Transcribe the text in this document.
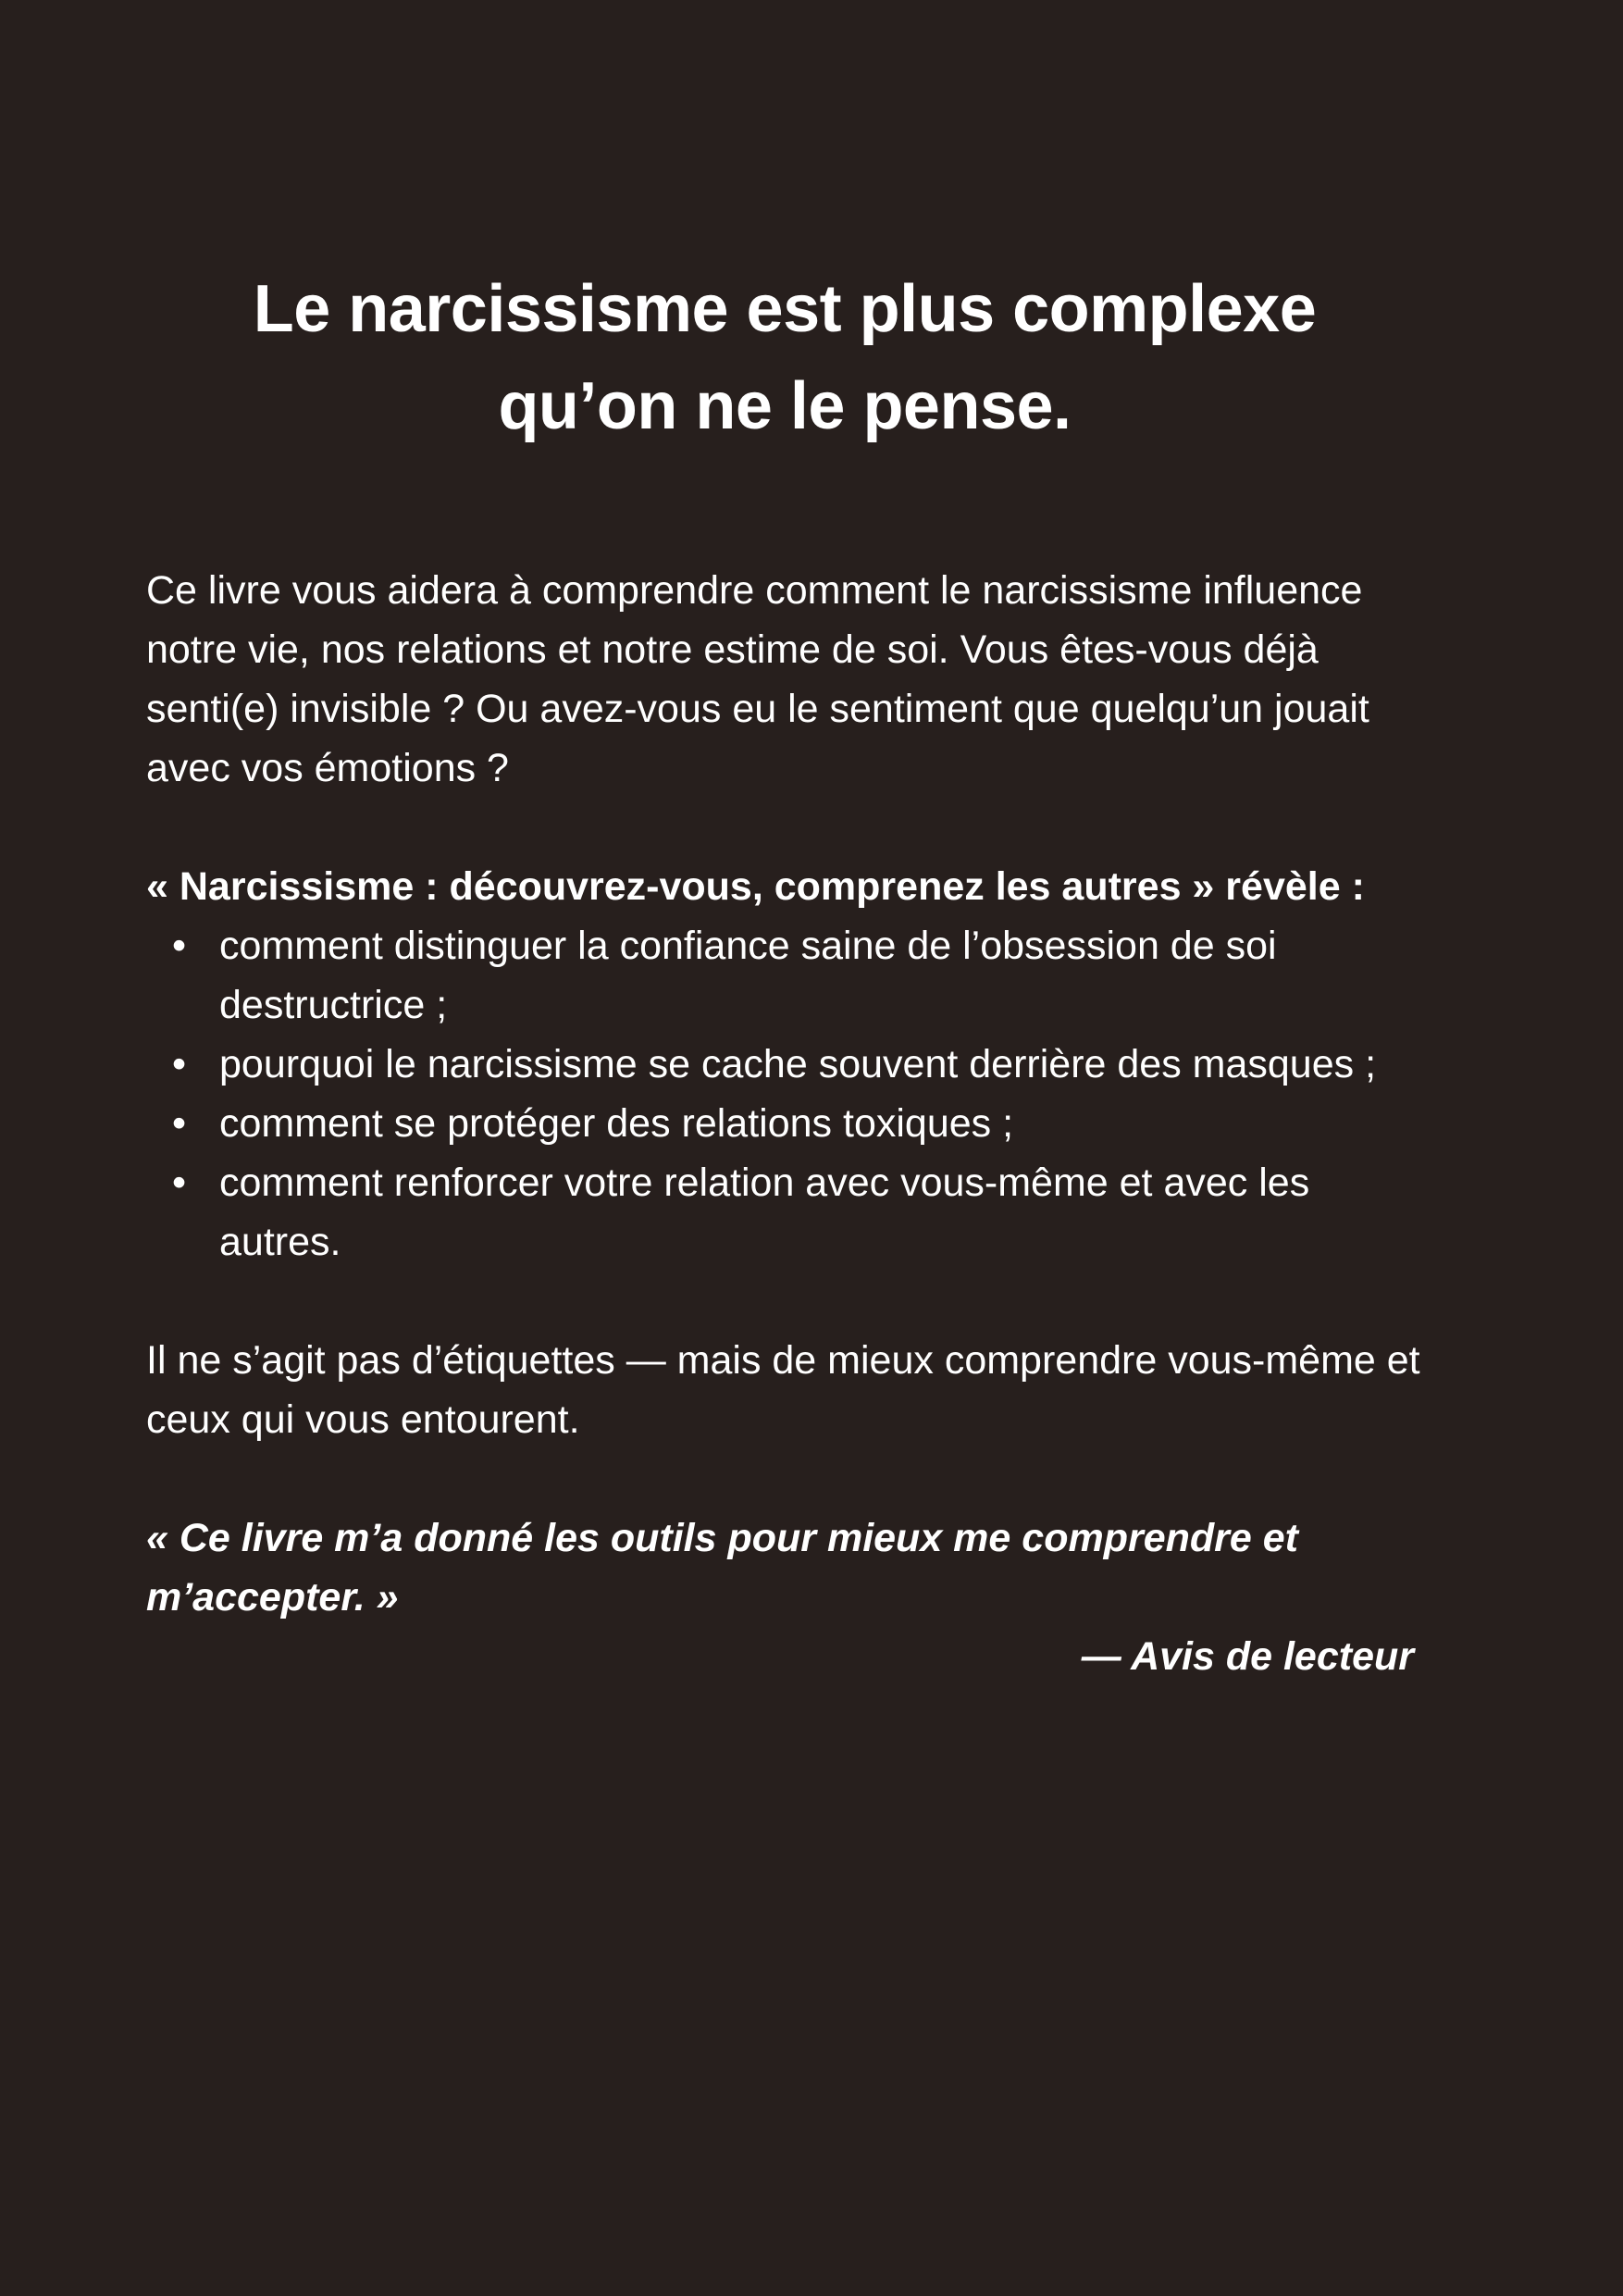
Le narcissisme est plus complexe
qu’on ne le pense.

Ce livre vous aidera à comprendre comment le narcissisme influence notre vie, nos relations et notre estime de soi. Vous êtes-vous déjà senti(e) invisible ? Ou avez-vous eu le sentiment que quelqu’un jouait avec vos émotions ?

« Narcissisme : découvrez-vous, comprenez les autres » révèle :

• comment distinguer la confiance saine de l’obsession de soi destructrice ;
• pourquoi le narcissisme se cache souvent derrière des masques ;
• comment se protéger des relations toxiques ;
• comment renforcer votre relation avec vous-même et avec les autres.

Il ne s’agit pas d’étiquettes — mais de mieux comprendre vous-même et ceux qui vous entourent.

« Ce livre m’a donné les outils pour mieux me comprendre et m’accepter. »

— Avis de lecteur
